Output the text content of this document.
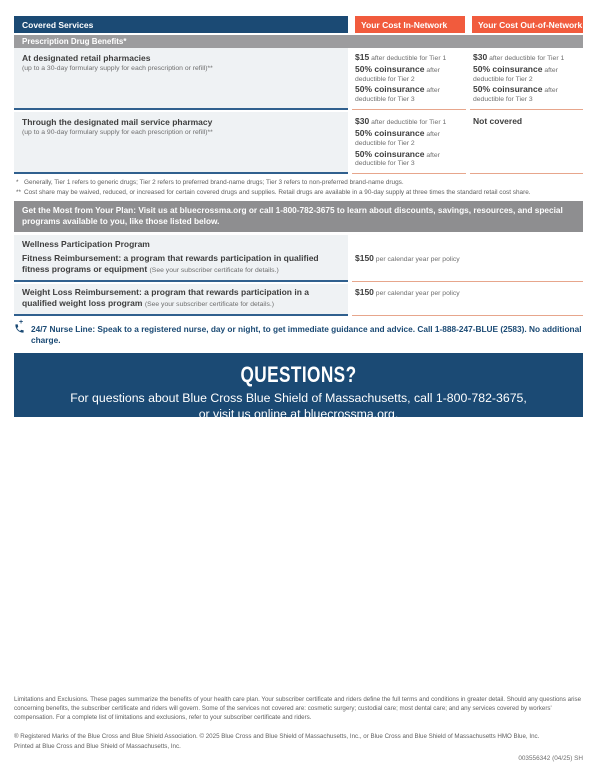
Covered Services	Your Cost In-Network	Your Cost Out-of-Network
Prescription Drug Benefits*
At designated retail pharmacies
(up to a 30-day formulary supply for each prescription or refill)**
$15 after deductible for Tier 1
50% coinsurance after deductible for Tier 2
50% coinsurance after deductible for Tier 3
$30 after deductible for Tier 1
50% coinsurance after deductible for Tier 2
50% coinsurance after deductible for Tier 3
Through the designated mail service pharmacy
(up to a 90-day formulary supply for each prescription or refill)**
$30 after deductible for Tier 1
50% coinsurance after deductible for Tier 2
50% coinsurance after deductible for Tier 3
Not covered
* Generally, Tier 1 refers to generic drugs; Tier 2 refers to preferred brand-name drugs; Tier 3 refers to non-preferred brand-name drugs.
** Cost share may be waived, reduced, or increased for certain covered drugs and supplies. Retail drugs are available in a 90-day supply at three times the standard retail cost share.
Get the Most from Your Plan: Visit us at bluecrossma.org or call 1-800-782-3675 to learn about discounts, savings, resources, and special programs available to you, like those listed below.
Wellness Participation Program
Fitness Reimbursement: a program that rewards participation in qualified fitness programs or equipment (See your subscriber certificate for details.)
$150 per calendar year per policy
Weight Loss Reimbursement: a program that rewards participation in a qualified weight loss program (See your subscriber certificate for details.)
$150 per calendar year per policy
+
24/7 Nurse Line: Speak to a registered nurse, day or night, to get immediate guidance and advice. Call 1-888-247-BLUE (2583). No additional charge.
QUESTIONS?
For questions about Blue Cross Blue Shield of Massachusetts, call 1-800-782-3675,
or visit us online at bluecrossma.org.
Limitations and Exclusions. These pages summarize the benefits of your health care plan. Your subscriber certificate and riders define the full terms and conditions in greater detail. Should any questions arise concerning benefits, the subscriber certificate and riders will govern. Some of the services not covered are: cosmetic surgery; custodial care; most dental care; and any services covered by workers' compensation. For a complete list of limitations and exclusions, refer to your subscriber certificate and riders.
® Registered Marks of the Blue Cross and Blue Shield Association. © 2025 Blue Cross and Blue Shield of Massachusetts, Inc., or Blue Cross and Blue Shield of Massachusetts HMO Blue, Inc.
Printed at Blue Cross and Blue Shield of Massachusetts, Inc.
003556342 (04/25) SH
